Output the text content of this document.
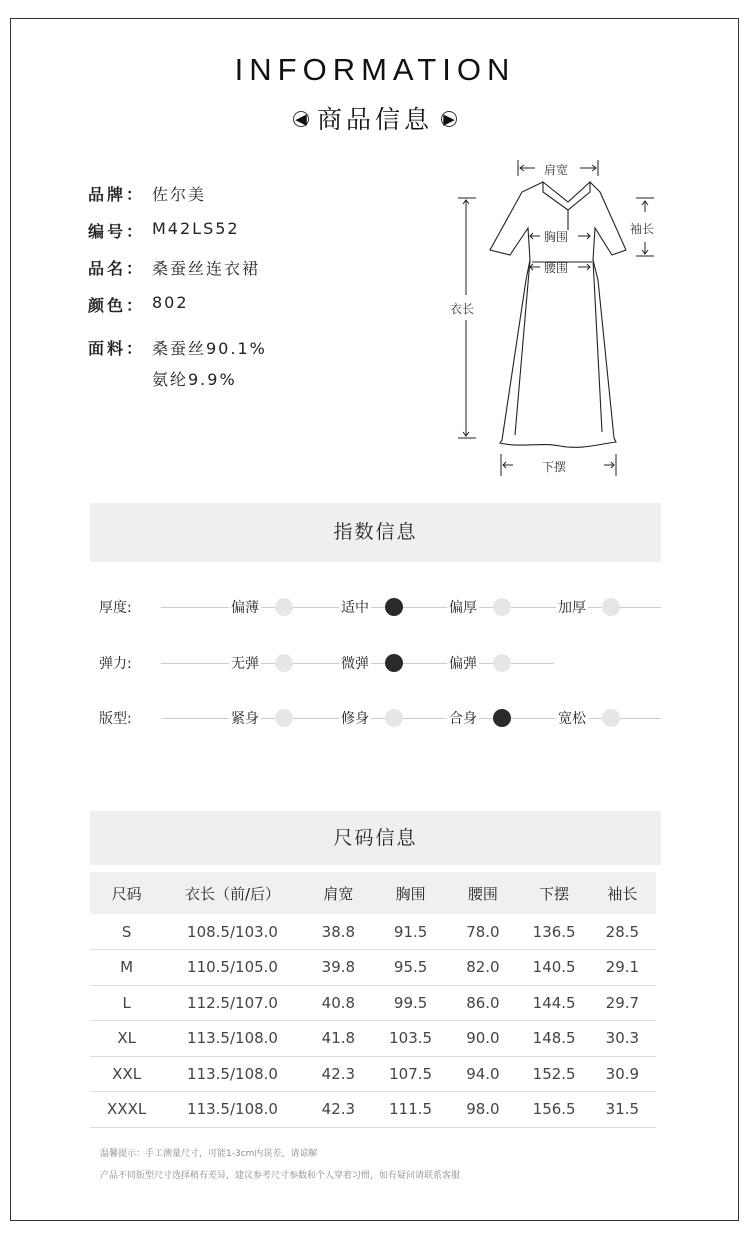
INFORMATION
◀ 商品信息 ▶
品牌： 佐尔美
编号： M42LS52
品名： 桑蚕丝连衣裙
颜色： 802
面料： 桑蚕丝90.1%
氨纶9.9%
肩宽
袖长
胸围
腰围
衣长
下摆
指数信息
厚度:	偏薄	适中	偏厚	加厚
弹力:	无弹	微弹	偏弹
版型:	紧身	修身	合身	宽松
尺码信息
尺码	衣长（前/后）	肩宽	胸围	腰围	下摆	袖长
S	108.5/103.0	38.8	91.5	78.0	136.5	28.5
M	110.5/105.0	39.8	95.5	82.0	140.5	29.1
L	112.5/107.0	40.8	99.5	86.0	144.5	29.7
XL	113.5/108.0	41.8	103.5	90.0	148.5	30.3
XXL	113.5/108.0	42.3	107.5	94.0	152.5	30.9
XXXL	113.5/108.0	42.3	111.5	98.0	156.5	31.5
温馨提示：手工测量尺寸，可能1-3cm内误差，请谅解
产品不同版型尺寸选择稍有差异，建议参考尺寸参数和个人穿着习惯，如有疑问请联系客服
